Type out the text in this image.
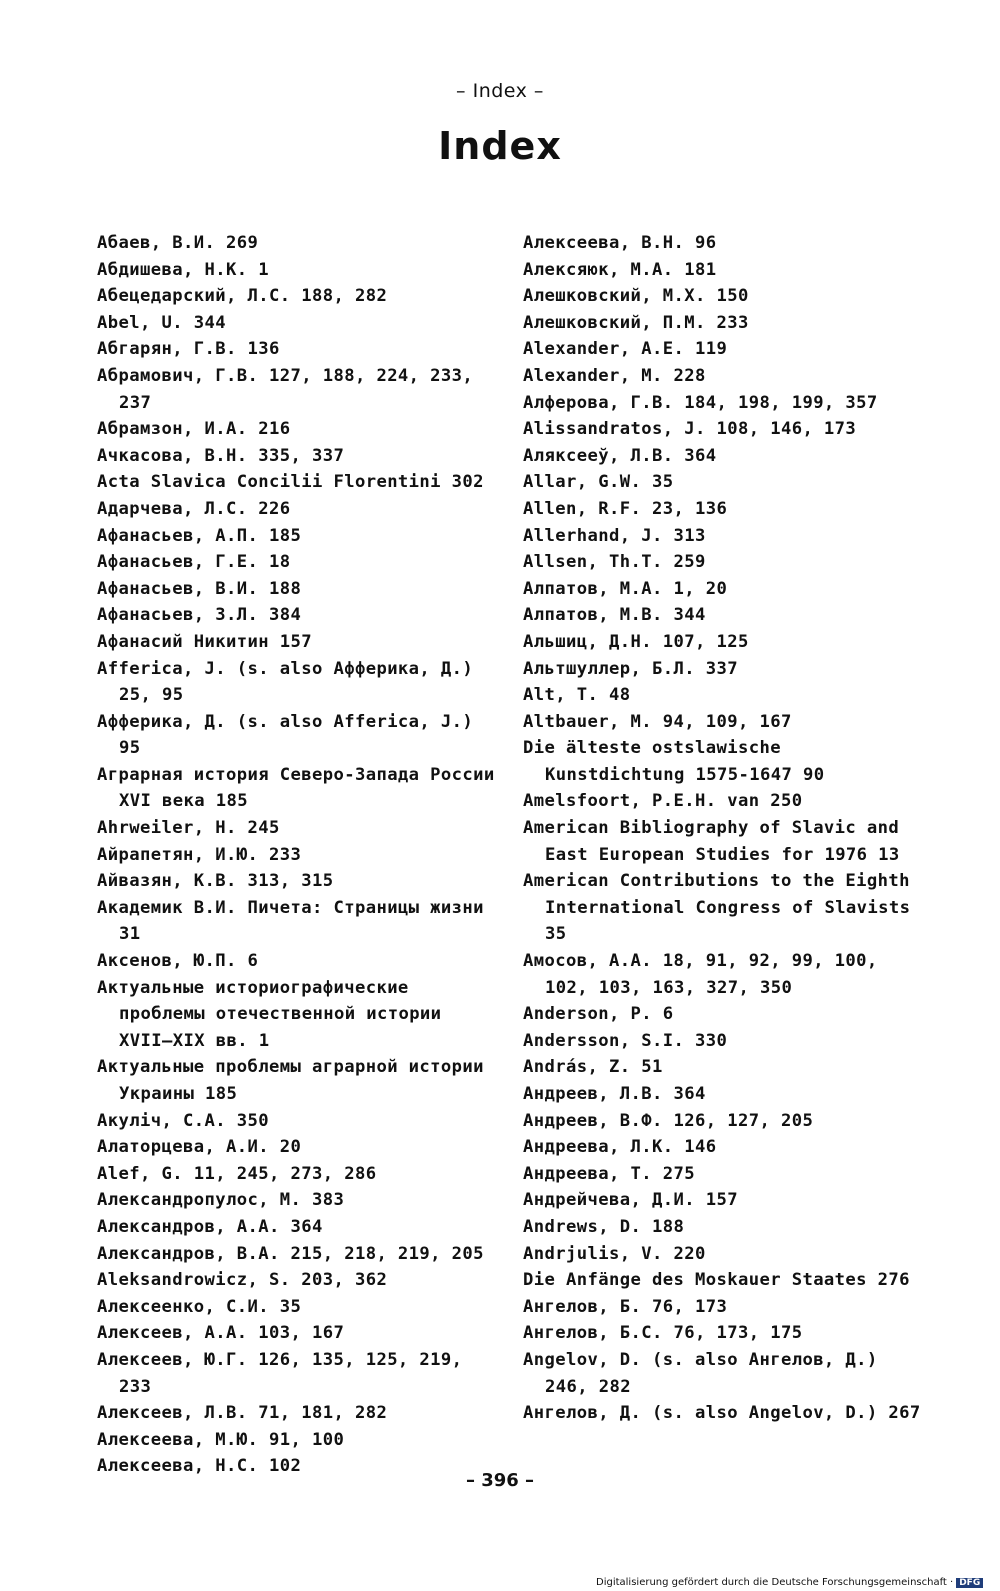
– Index –
Index

Абаев, В.И. 269

Абдишева, Н.К. 1

Абецедарский, Л.С. 188, 282

Abel, U. 344

Абгарян, Г.В. 136

Абрамович, Г.В. 127, 188, 224, 233, 237

Абрамзон, И.А. 216

Ачкасова, В.Н. 335, 337

Acta Slavica Concilii Florentini 302

Адарчева, Л.С. 226

Афанасьев, А.П. 185

Афанасьев, Г.Е. 18

Афанасьев, В.И. 188

Афанасьев, З.Л. 384

Афанасий Никитин 157

Afferica, J. (s. also Афферика, Д.) 25, 95

Афферика, Д. (s. also Afferica, J.) 95

Аграрная история Северо-Запада России XVI века 185

Ahrweiler, H. 245

Айрапетян, И.Ю. 233

Айвазян, К.В. 313, 315

Академик В.И. Пичета: Страницы жизни 31

Аксенов, Ю.П. 6

Актуальные историографические проблемы отечественной истории XVII–XIX вв. 1

Актуальные проблемы аграрной истории Украины 185

Акуліч, С.А. 350

Алаторцева, А.И. 20

Alef, G. 11, 245, 273, 286

Александропулос, М. 383

Александров, А.А. 364

Александров, В.А. 215, 218, 219, 205

Aleksandrowicz, S. 203, 362

Алексеенко, С.И. 35

Алексеев, А.А. 103, 167

Алексеев, Ю.Г. 126, 135, 125, 219, 233

Алексеев, Л.В. 71, 181, 282

Алексеева, М.Ю. 91, 100

Алексеева, Н.С. 102

Алексеева, В.Н. 96

Алексяюк, М.А. 181

Алешковский, М.Х. 150

Алешковский, П.М. 233

Alexander, A.E. 119

Alexander, M. 228

Алферова, Г.В. 184, 198, 199, 357

Alissandratos, J. 108, 146, 173

Аляксееў, Л.В. 364

Allar, G.W. 35

Allen, R.F. 23, 136

Allerhand, J. 313

Allsen, Th.T. 259

Алпатов, М.А. 1, 20

Алпатов, М.В. 344

Альшиц, Д.Н. 107, 125

Альтшуллер, Б.Л. 337

Alt, T. 48

Altbauer, M. 94, 109, 167

Die älteste ostslawische Kunstdichtung 1575-1647 90

Amelsfoort, P.E.H. van 250

American Bibliography of Slavic and East European Studies for 1976 13

American Contributions to the Eighth International Congress of Slavists 35

Амосов, А.А. 18, 91, 92, 99, 100, 102, 103, 163, 327, 350

Anderson, P. 6

Andersson, S.I. 330

András, Z. 51

Андреев, Л.В. 364

Андреев, В.Ф. 126, 127, 205

Андреева, Л.К. 146

Андреева, Т. 275

Андрейчева, Д.И. 157

Andrews, D. 188

Andrjulis, V. 220

Die Anfänge des Moskauer Staates 276

Ангелов, Б. 76, 173

Ангелов, Б.С. 76, 173, 175

Angelov, D. (s. also Ангелов, Д.) 246, 282

Ангелов, Д. (s. also Angelov, D.) 267

– 396 –
Digitalisierung gefördert durch die Deutsche Forschungsgemeinschaft · DFG
